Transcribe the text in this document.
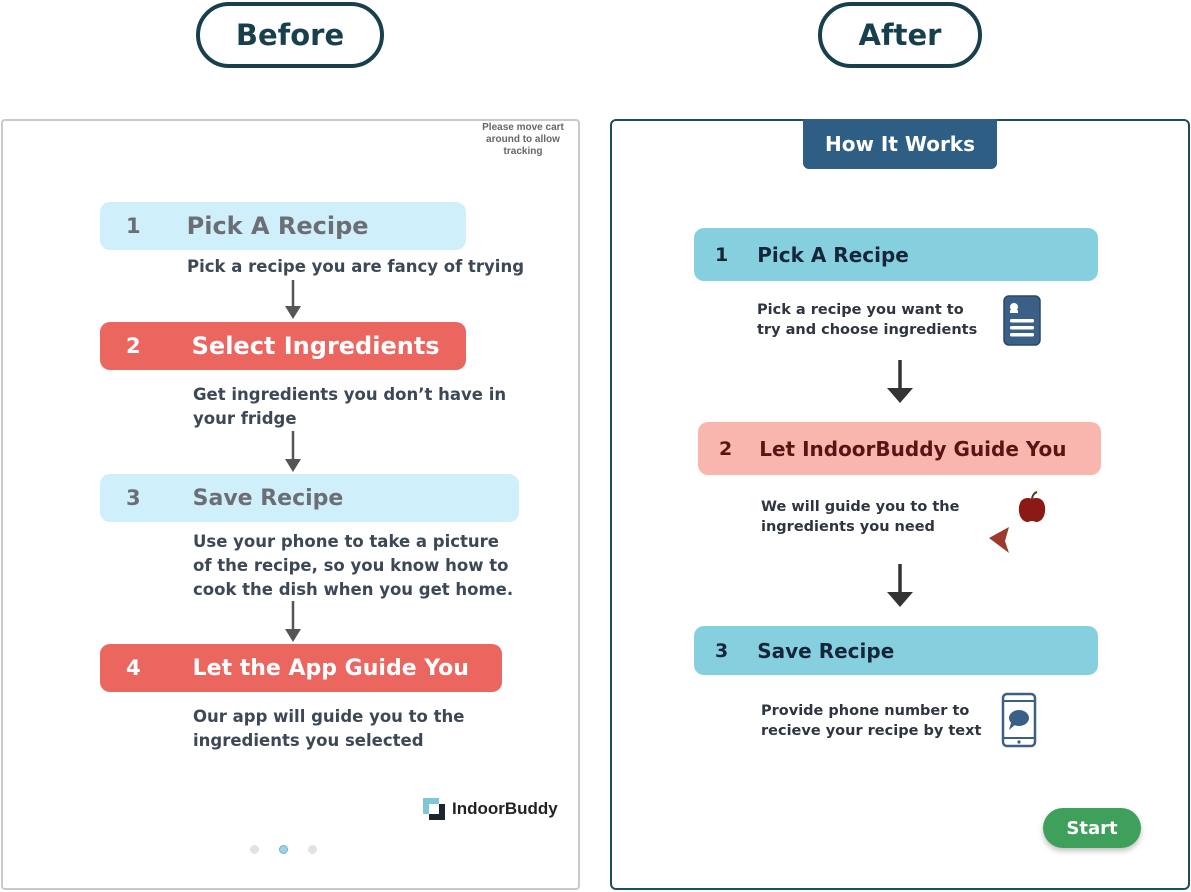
Before	After
Please move cart around to allow tracking
1 Pick A Recipe
Pick a recipe you are fancy of trying
2 Select Ingredients
Get ingredients you don’t have in
your fridge
3 Save Recipe
Use your phone to take a picture
of the recipe, so you know how to
cook the dish when you get home.
4 Let the App Guide You
Our app will guide you to the
ingredients you selected
IndoorBuddy
How It Works
1 Pick A Recipe
Pick a recipe you want to
try and choose ingredients
2 Let IndoorBuddy Guide You
We will guide you to the
ingredients you need
3 Save Recipe
Provide phone number to
recieve your recipe by text
Start
